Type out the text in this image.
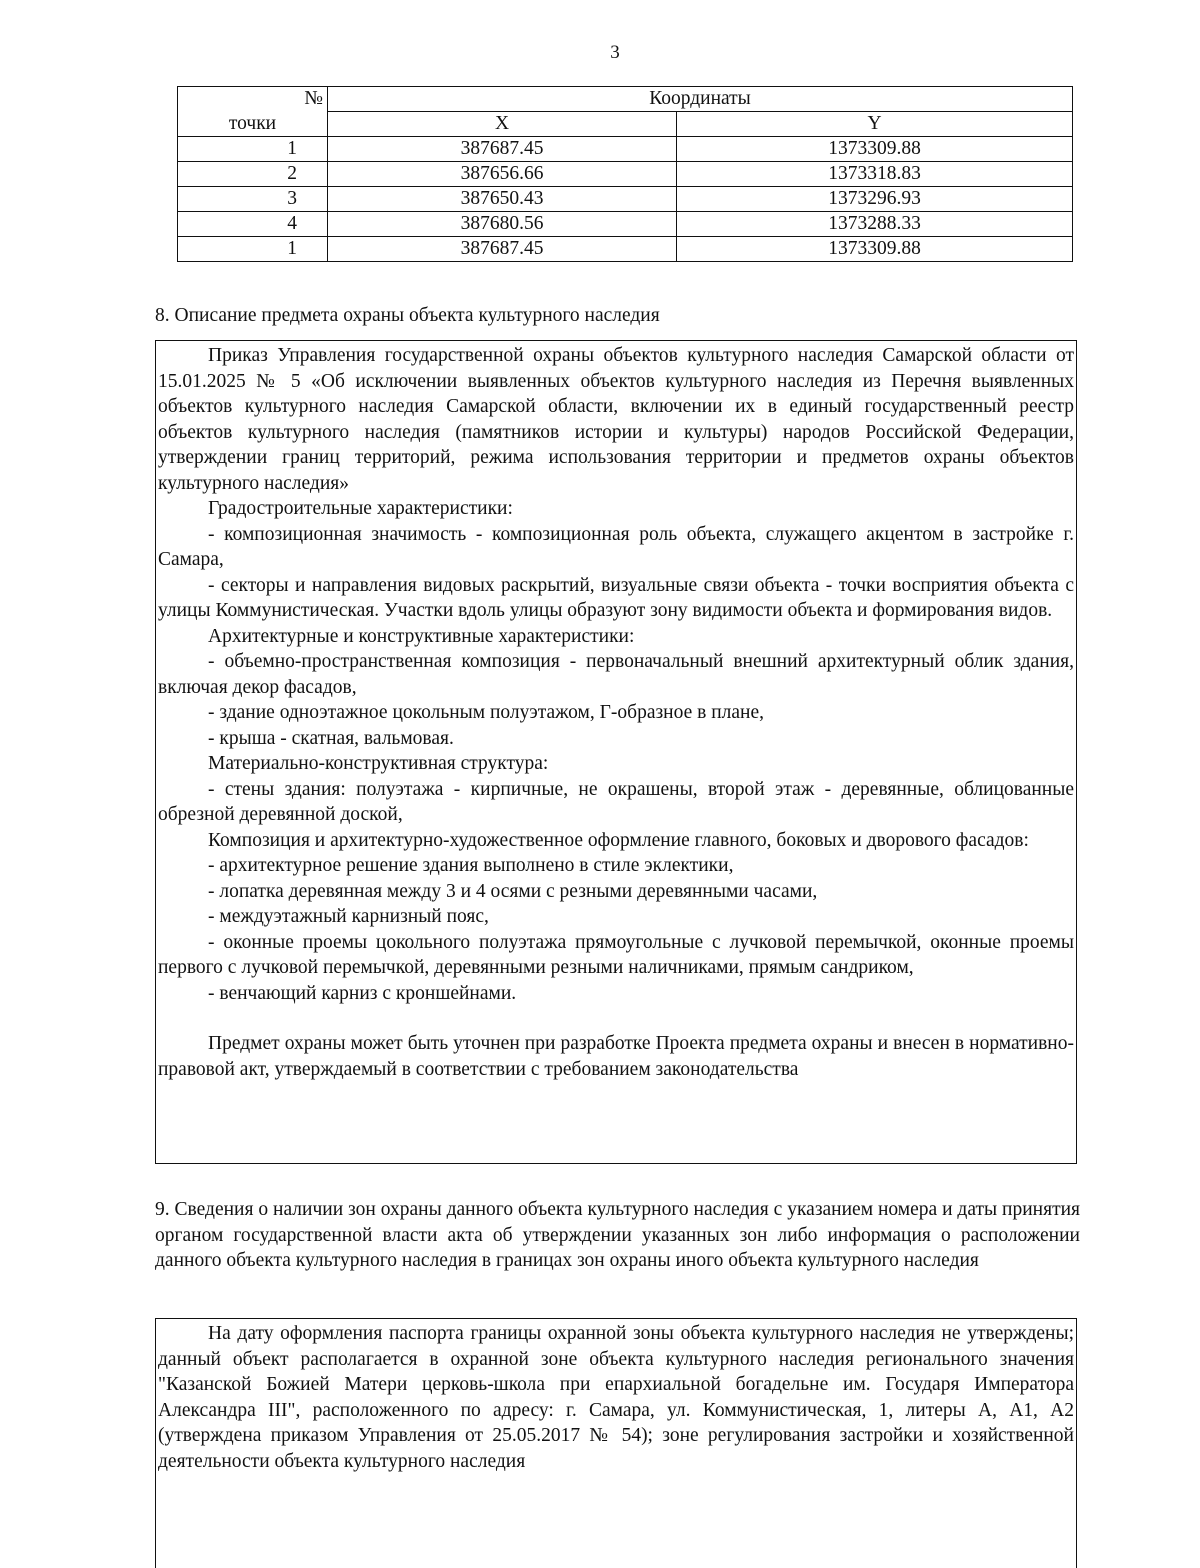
3
№	Координаты	
точки	X	Y
1	387687.45	1373309.88
2	387656.66	1373318.83
3	387650.43	1373296.93
4	387680.56	1373288.33
1	387687.45	1373309.88
8. Описание предмета охраны объекта культурного наследия

Приказ Управления государственной охраны объектов культурного наследия Самарской области от 15.01.2025 № 5 «Об исключении выявленных объектов культурного наследия из Перечня выявленных объектов культурного наследия Самарской области, включении их в единый государственный реестр объектов культурного наследия (памятников истории и культуры) народов Российской Федерации, утверждении границ территорий, режима использования территории и предметов охраны объектов культурного наследия»

Градостроительные характеристики:

- композиционная значимость - композиционная роль объекта, служащего акцентом в застройке г. Самара,

- секторы и направления видовых раскрытий, визуальные связи объекта - точки восприятия объекта с улицы Коммунистическая. Участки вдоль улицы образуют зону видимости объекта и формирования видов.

Архитектурные и конструктивные характеристики:

- объемно-пространственная композиция - первоначальный внешний архитектурный облик здания, включая декор фасадов,

- здание одноэтажное цокольным полуэтажом, Г-образное в плане,

- крыша - скатная, вальмовая.

Материально-конструктивная структура:

- стены здания: полуэтажа - кирпичные, не окрашены, второй этаж - деревянные, облицованные обрезной деревянной доской,

Композиция и архитектурно-художественное оформление главного, боковых и дворового фасадов:

- архитектурное решение здания выполнено в стиле эклектики,

- лопатка деревянная между 3 и 4 осями с резными деревянными часами,

- междуэтажный карнизный пояс,

- оконные проемы цокольного полуэтажа прямоугольные с лучковой перемычкой, оконные проемы первого с лучковой перемычкой, деревянными резными наличниками, прямым сандриком,

- венчающий карниз с кроншейнами.

Предмет охраны может быть уточнен при разработке Проекта предмета охраны и внесен в нормативно-правовой акт, утверждаемый в соответствии с требованием законодательства

9. Сведения о наличии зон охраны данного объекта культурного наследия с указанием номера и даты принятия органом государственной власти акта об утверждении указанных зон либо информация о расположении данного объекта культурного наследия в границах зон охраны иного объекта культурного наследия

На дату оформления паспорта границы охранной зоны объекта культурного наследия не утверждены; данный объект располагается в охранной зоне объекта культурного наследия регионального значения "Казанской Божией Матери церковь-школа при епархиальной богадельне им. Государя Императора Александра III", расположенного по адресу: г. Самара, ул. Коммунистическая, 1, литеры А, А1, А2 (утверждена приказом Управления от 25.05.2017 № 54); зоне регулирования застройки и хозяйственной деятельности объекта культурного наследия
